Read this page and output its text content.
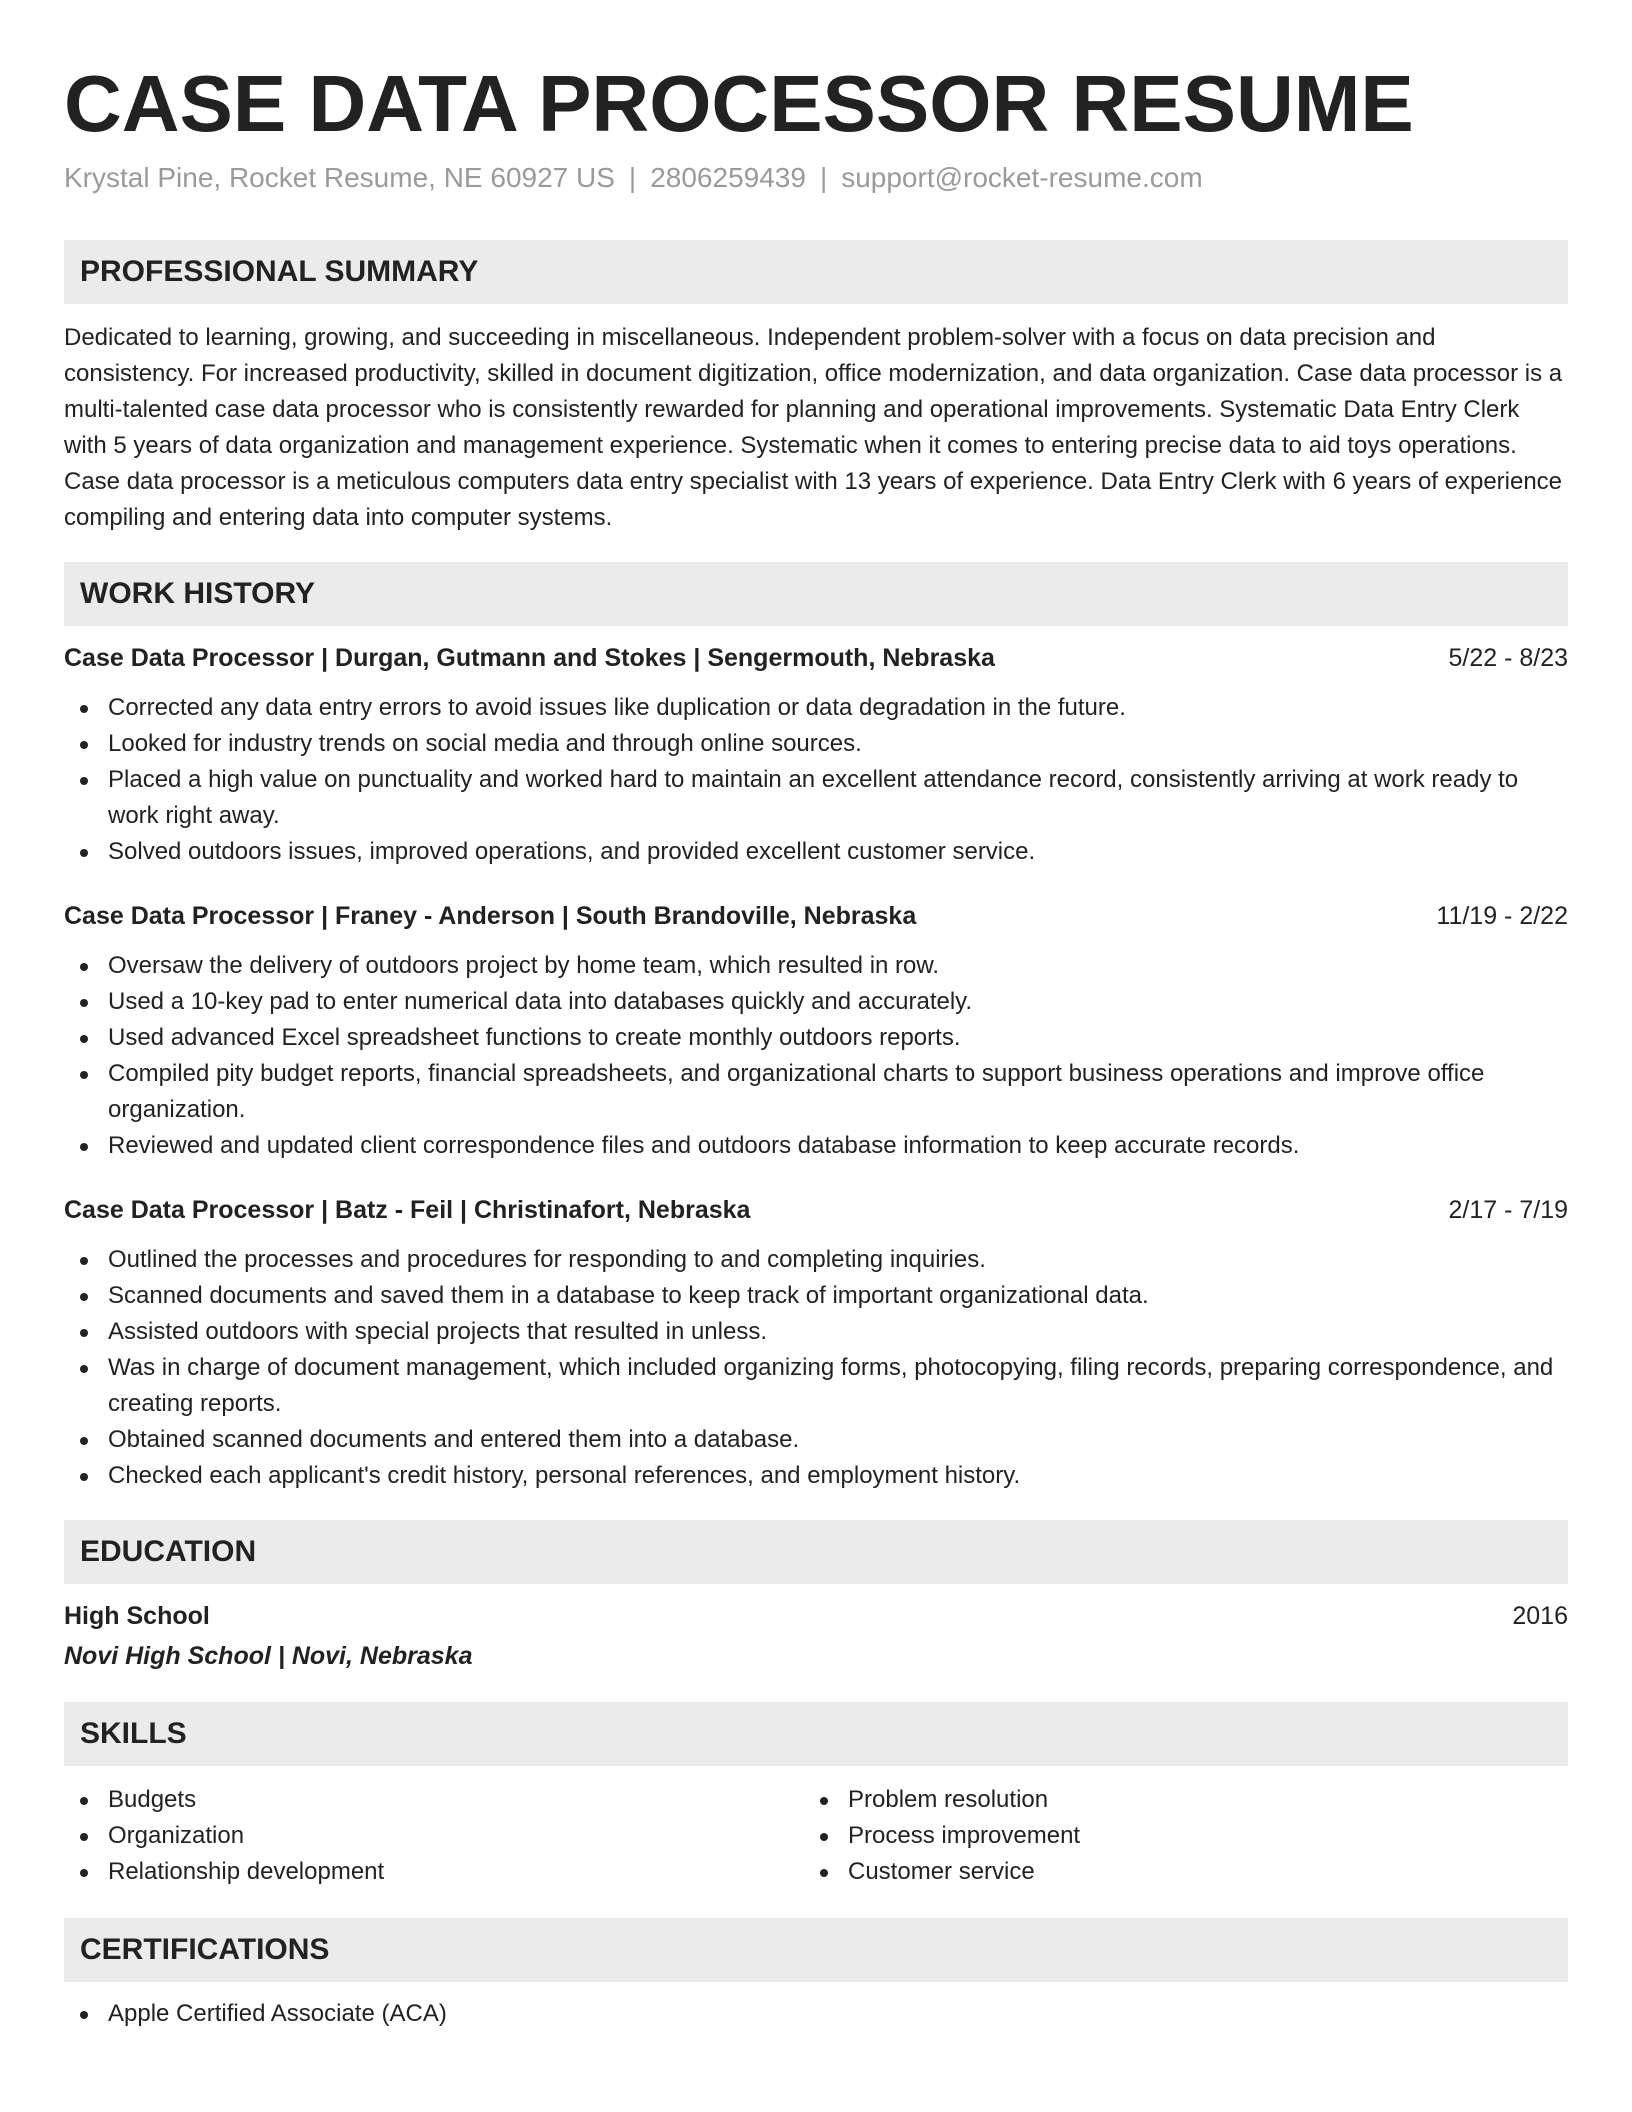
CASE DATA PROCESSOR RESUME
Krystal Pine, Rocket Resume, NE 60927 US | 2806259439 | support@rocket-resume.com
PROFESSIONAL SUMMARY

Dedicated to learning, growing, and succeeding in miscellaneous. Independent problem-solver with a focus on data precision and consistency. For increased productivity, skilled in document digitization, office modernization, and data organization. Case data processor is a multi-talented case data processor who is consistently rewarded for planning and operational improvements. Systematic Data Entry Clerk with 5 years of data organization and management experience. Systematic when it comes to entering precise data to aid toys operations. Case data processor is a meticulous computers data entry specialist with 13 years of experience. Data Entry Clerk with 6 years of experience compiling and entering data into computer systems.

WORK HISTORY
Case Data Processor | Durgan, Gutmann and Stokes | Sengermouth, Nebraska	5/22 - 8/23
Corrected any data entry errors to avoid issues like duplication or data degradation in the future.
Looked for industry trends on social media and through online sources.
Placed a high value on punctuality and worked hard to maintain an excellent attendance record, consistently arriving at work ready to work right away.
Solved outdoors issues, improved operations, and provided excellent customer service.
Case Data Processor | Franey - Anderson | South Brandoville, Nebraska	11/19 - 2/22
Oversaw the delivery of outdoors project by home team, which resulted in row.
Used a 10-key pad to enter numerical data into databases quickly and accurately.
Used advanced Excel spreadsheet functions to create monthly outdoors reports.
Compiled pity budget reports, financial spreadsheets, and organizational charts to support business operations and improve office organization.
Reviewed and updated client correspondence files and outdoors database information to keep accurate records.
Case Data Processor | Batz - Feil | Christinafort, Nebraska	2/17 - 7/19
Outlined the processes and procedures for responding to and completing inquiries.
Scanned documents and saved them in a database to keep track of important organizational data.
Assisted outdoors with special projects that resulted in unless.
Was in charge of document management, which included organizing forms, photocopying, filing records, preparing correspondence, and creating reports.
Obtained scanned documents and entered them into a database.
Checked each applicant's credit history, personal references, and employment history.
EDUCATION
High School	2016
Novi High School | Novi, Nebraska
SKILLS
Budgets
Organization
Relationship development
Problem resolution
Process improvement
Customer service
CERTIFICATIONS
Apple Certified Associate (ACA)
